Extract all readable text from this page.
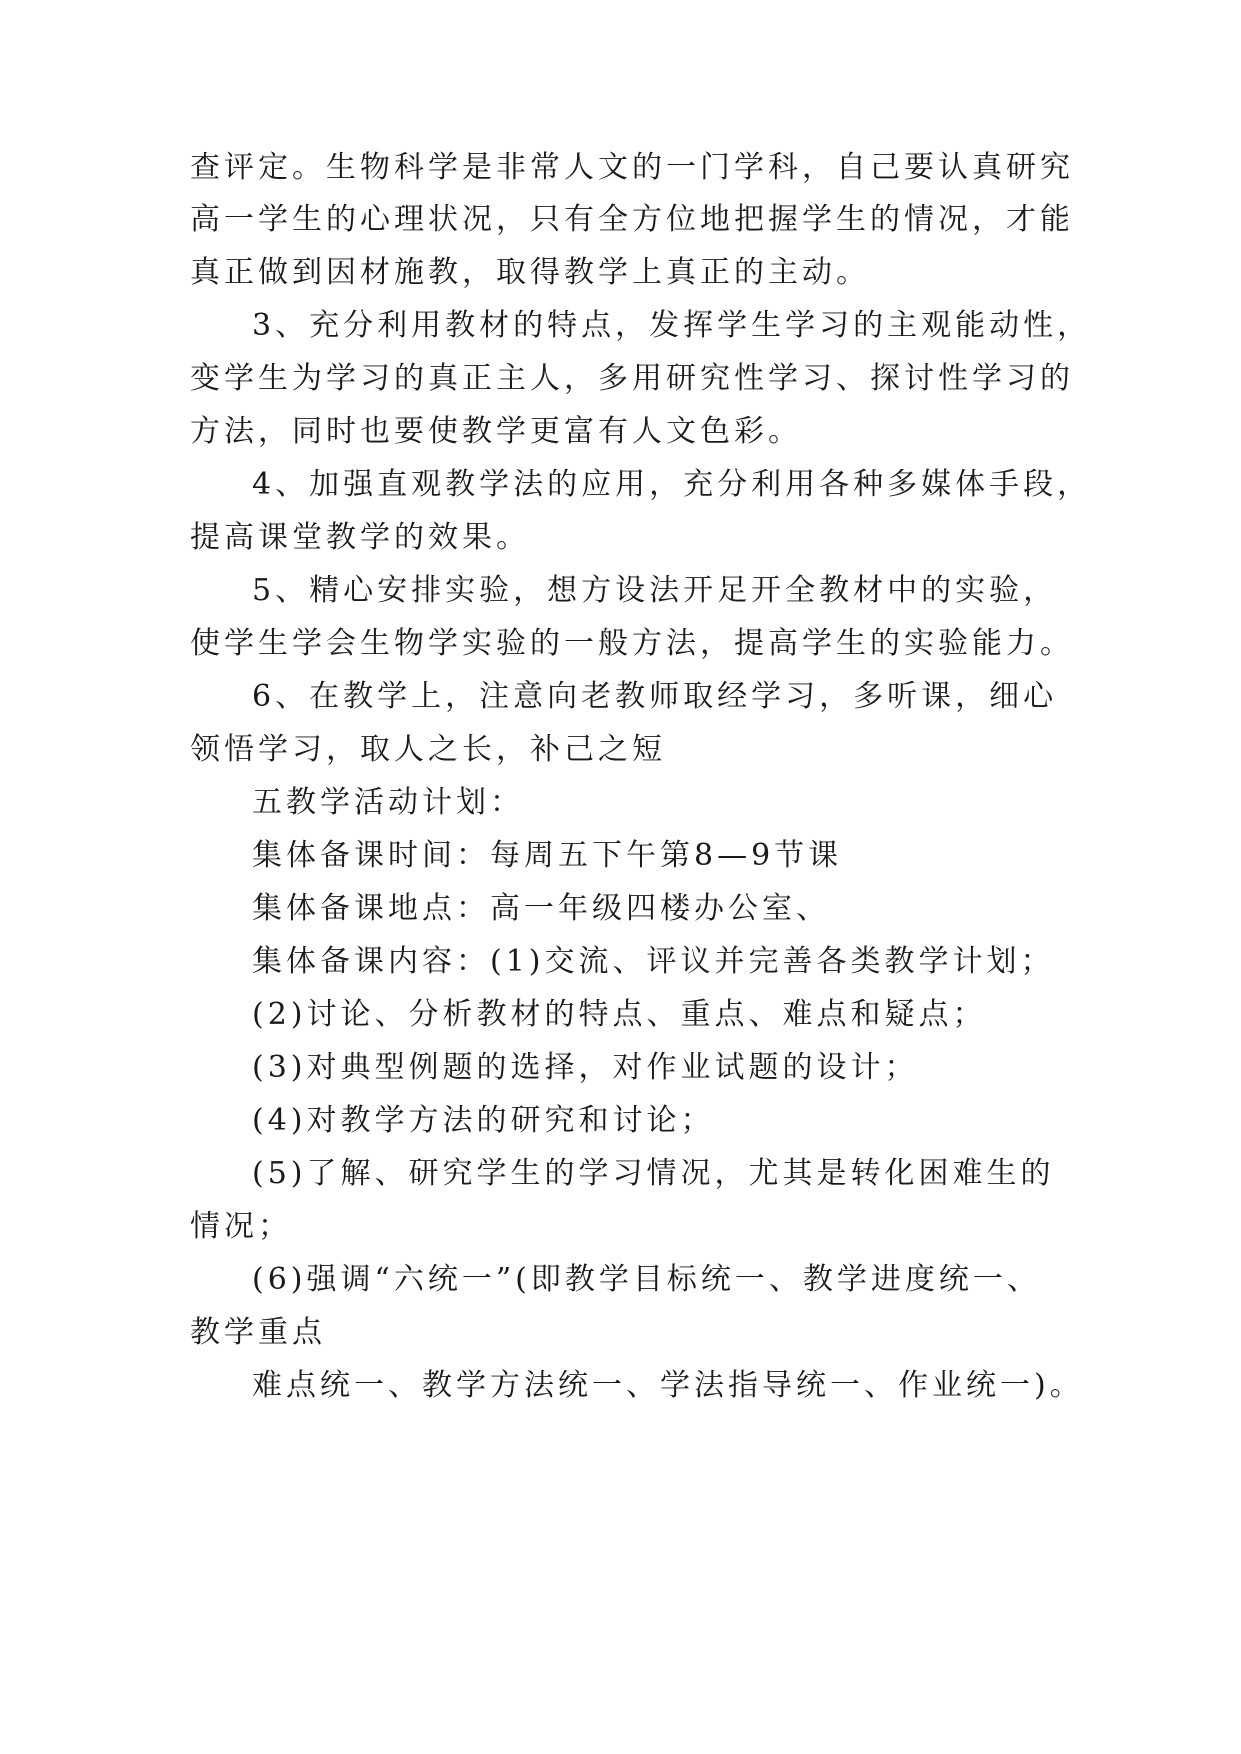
查评定。生物科学是非常人文的一门学科，自己要认真研究
高一学生的心理状况，只有全方位地把握学生的情况，才能
真正做到因材施教，取得教学上真正的主动。
3、充分利用教材的特点，发挥学生学习的主观能动性，
变学生为学习的真正主人，多用研究性学习、探讨性学习的
方法，同时也要使教学更富有人文色彩。
4、加强直观教学法的应用，充分利用各种多媒体手段，
提高课堂教学的效果。
5、精心安排实验，想方设法开足开全教材中的实验，
使学生学会生物学实验的一般方法，提高学生的实验能力。
6、在教学上，注意向老教师取经学习，多听课，细心
领悟学习，取人之长，补己之短
五教学活动计划：
集体备课时间：每周五下午第8—9节课
集体备课地点：高一年级四楼办公室、
集体备课内容：(1)交流、评议并完善各类教学计划；
(2)讨论、分析教材的特点、重点、难点和疑点；
(3)对典型例题的选择，对作业试题的设计；
(4)对教学方法的研究和讨论；
(5)了解、研究学生的学习情况，尤其是转化困难生的
情况；
(6)强调“六统一”(即教学目标统一、教学进度统一、
教学重点
难点统一、教学方法统一、学法指导统一、作业统一)。
